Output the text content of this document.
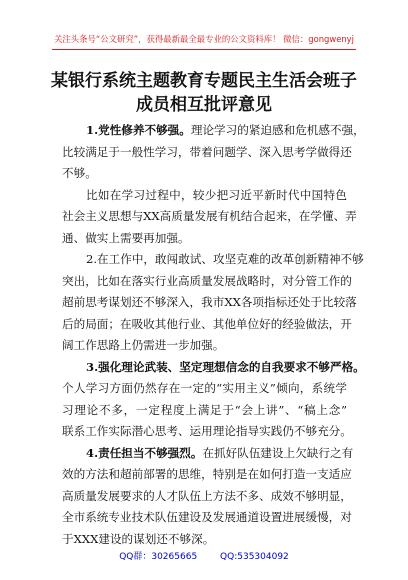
关注头条号“公文研究”，获得最新最全最专业的公文资料库！ 微信：gongwenyj
某银行系统主题教育专题民主生活会班子
成员相互批评意见
1.党性修养不够强。理论学习的紧迫感和危机感不强，
比较满足于一般性学习，带着问题学、深入思考学做得还
不够。
比如在学习过程中，较少把习近平新时代中国特色
社会主义思想与XX高质量发展有机结合起来，在学懂、弄
通、做实上需要再加强。
2.在工作中，敢闯敢试、攻坚克难的改革创新精神不够
突出，比如在落实行业高质量发展战略时，对分管工作的
超前思考谋划还不够深入，我市XX各项指标还处于比较落
后的局面；在吸收其他行业、其他单位好的经验做法，开
阔工作思路上仍需进一步加强。
3.强化理论武装、坚定理想信念的自我要求不够严格。
个人学习方面仍然存在一定的“实用主义”倾向，系统学
习理论不多，一定程度上满足于“会上讲”、“稿上念”
联系工作实际潜心思考、运用理论指导实践仍不够充分。
4.责任担当不够强烈。在抓好队伍建设上欠缺行之有
效的方法和超前部署的思维，特别是在如何打造一支适应
高质量发展要求的人才队伍上方法不多、成效不够明显，
全市系统专业技术队伍建设及发展通道设置进展缓慢，对
于XXX建设的谋划还不够深。
QQ群：30265665        QQ:535304092
